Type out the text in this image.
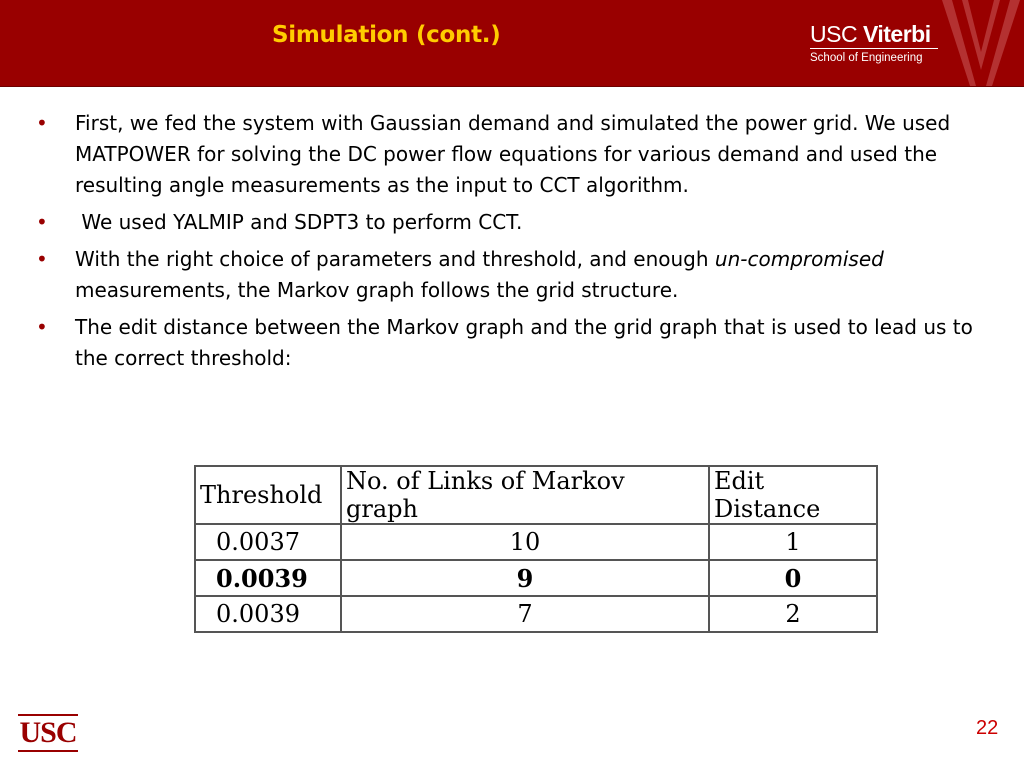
Simulation (cont.)	USC Viterbi
School of Engineering
• First, we fed the system with Gaussian demand and simulated the power grid. We used MATPOWER for solving the DC power flow equations for various demand and used the resulting angle measurements as the input to CCT algorithm.
• We used YALMIP and SDPT3 to perform CCT.
• With the right choice of parameters and threshold, and enough un-compromised measurements, the Markov graph follows the grid structure.
• The edit distance between the Markov graph and the grid graph that is used to lead us to the correct threshold:
Threshold	No. of Links of Markov graph	Edit Distance
0.0037	10	1
0.0039	9	0
0.0039	7	2
USC	22
